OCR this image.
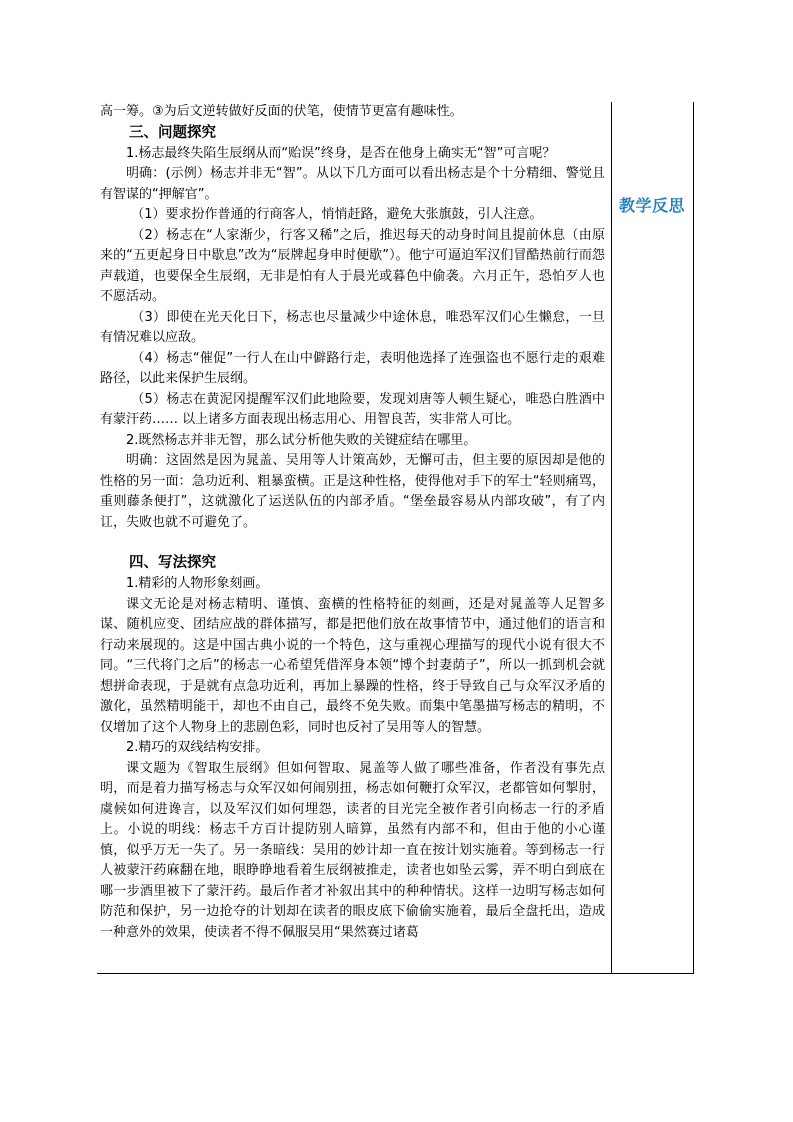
教学反思

高一筹。③为后文逆转做好反面的伏笔，使情节更富有趣味性。

三、问题探究

1.杨志最终失陷生辰纲从而“贻误”终身，是否在他身上确实无“智”可言呢？

明确：(示例）杨志并非无“智”。从以下几方面可以看出杨志是个十分精细、警觉且有智谋的“押解官”。

（1）要求扮作普通的行商客人，悄悄赶路，避免大张旗鼓，引人注意。

（2）杨志在“人家渐少，行客又稀”之后，推迟每天的动身时间且提前休息（由原来的“五更起身日中歇息”改为“辰牌起身申时便歇”）。他宁可逼迫军汉们冒酷热前行而怨声载道，也要保全生辰纲，无非是怕有人于晨光或暮色中偷袭。六月正午，恐怕歹人也不愿活动。

（3）即使在光天化日下，杨志也尽量减少中途休息，唯恐军汉们心生懒怠，一旦有情况难以应敌。

（4）杨志“催促”一行人在山中僻路行走，表明他选择了连强盗也不愿行走的艰难路径，以此来保护生辰纲。

（5）杨志在黄泥冈提醒军汉们此地险要，发现刘唐等人顿生疑心，唯恐白胜酒中有蒙汗药…… 以上诸多方面表现出杨志用心、用智良苦，实非常人可比。

2.既然杨志并非无智，那么试分析他失败的关键症结在哪里。

明确：这固然是因为晁盖、吴用等人计策高妙，无懈可击，但主要的原因却是他的性格的另一面：急功近利、粗暴蛮横。正是这种性格，使得他对手下的军士“轻则痛骂，重则藤条便打”，这就激化了运送队伍的内部矛盾。“堡垒最容易从内部攻破”，有了内讧，失败也就不可避免了。

四、写法探究

1.精彩的人物形象刻画。

课文无论是对杨志精明、谨慎、蛮横的性格特征的刻画，还是对晁盖等人足智多谋、随机应变、团结应战的群体描写，都是把他们放在故事情节中，通过他们的语言和行动来展现的。这是中国古典小说的一个特色，这与重视心理描写的现代小说有很大不同。“三代将门之后”的杨志一心希望凭借浑身本领“博个封妻荫子”，所以一抓到机会就想拼命表现，于是就有点急功近利，再加上暴躁的性格，终于导致自己与众军汉矛盾的激化，虽然精明能干，却也不由自己，最终不免失败。而集中笔墨描写杨志的精明，不仅增加了这个人物身上的悲剧色彩，同时也反衬了吴用等人的智慧。

2.精巧的双线结构安排。

课文题为《智取生辰纲》但如何智取、晁盖等人做了哪些准备，作者没有事先点明，而是着力描写杨志与众军汉如何闹别扭，杨志如何鞭打众军汉，老都管如何掣肘，虞候如何进谗言，以及军汉们如何埋怨，读者的目光完全被作者引向杨志一行的矛盾上。小说的明线：杨志千方百计提防别人暗算，虽然有内部不和，但由于他的小心谨慎，似乎万无一失了。另一条暗线：吴用的妙计却一直在按计划实施着。等到杨志一行人被蒙汗药麻翻在地，眼睁睁地看着生辰纲被推走，读者也如坠云雾，弄不明白到底在哪一步酒里被下了蒙汗药。最后作者才补叙出其中的种种情状。这样一边明写杨志如何防范和保护，另一边抢夺的计划却在读者的眼皮底下偷偷实施着，最后全盘托出，造成一种意外的效果，使读者不得不佩服吴用“果然赛过诸葛
